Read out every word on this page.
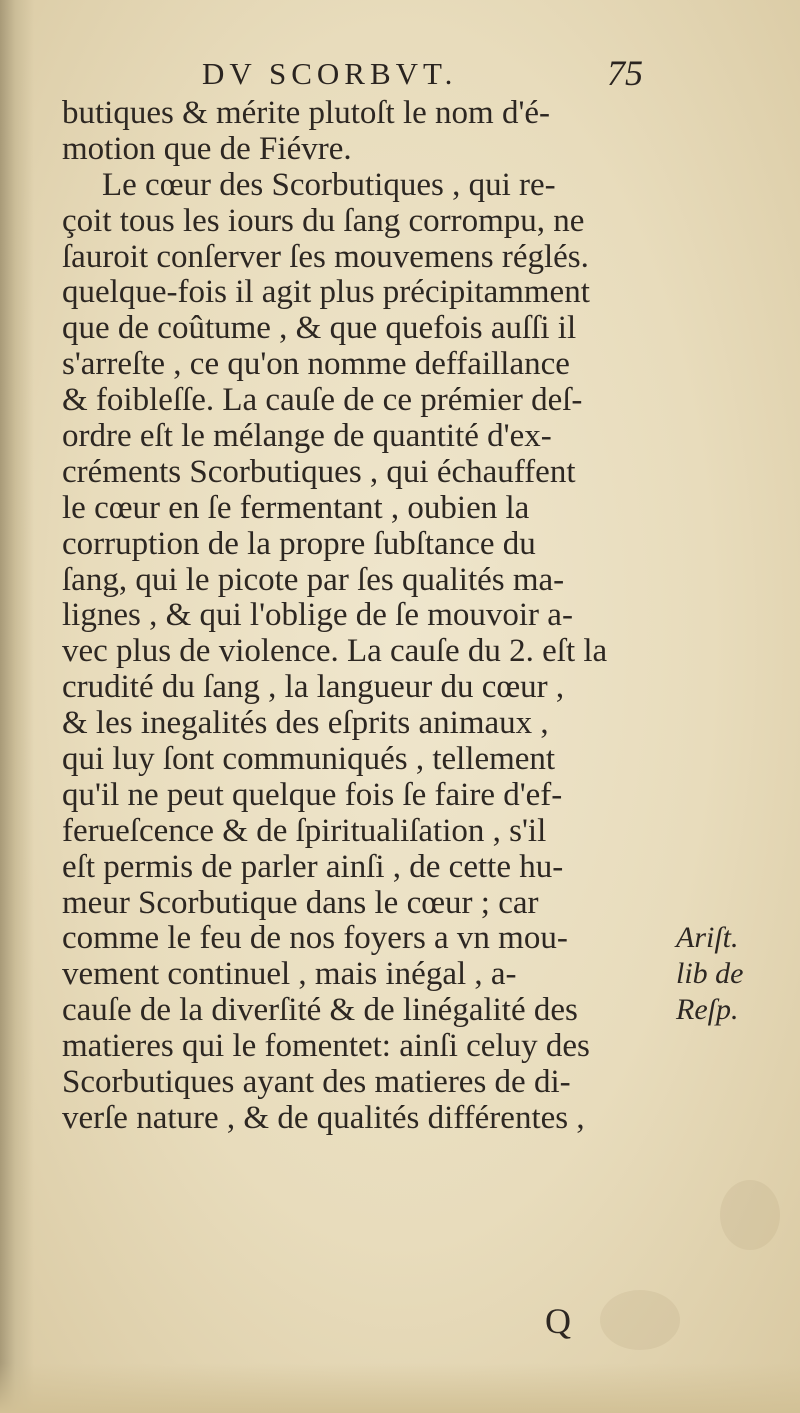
DV SCORBVT.	75
butiques & mérite plutoſt le nom d'é-
motion que de Fiévre.
Le cœur des Scorbutiques , qui re-
çoit tous les iours du ſang corrompu, ne
ſauroit conſerver ſes mouvemens réglés.
quelque-fois il agit plus précipitamment
que de coûtume , & que quefois auſſi il
s'arreſte , ce qu'on nomme deffaillance
& foibleſſe. La cauſe de ce prémier deſ-
ordre eſt le mélange de quantité d'ex-
créments Scorbutiques , qui échauffent
le cœur en ſe fermentant , oubien la
corruption de la propre ſubſtance du
ſang, qui le picote par ſes qualités ma-
lignes , & qui l'oblige de ſe mouvoir a-
vec plus de violence. La cauſe du 2. eſt la
crudité du ſang , la langueur du cœur ,
& les inegalités des eſprits animaux ,
qui luy ſont communiqués , tellement
qu'il ne peut quelque fois ſe faire d'ef-
ferueſcence & de ſpiritualiſation , s'il
eſt permis de parler ainſi , de cette hu-
meur Scorbutique dans le cœur ; car
comme le feu de nos foyers a vn mou-
vement continuel , mais inégal , a-
cauſe de la diverſité & de linégalité des
matieres qui le fomentet: ainſi celuy des
Scorbutiques ayant des matieres de di-
verſe nature , & de qualités différentes ,
Ariſt.
lib de
Reſp.
Q
